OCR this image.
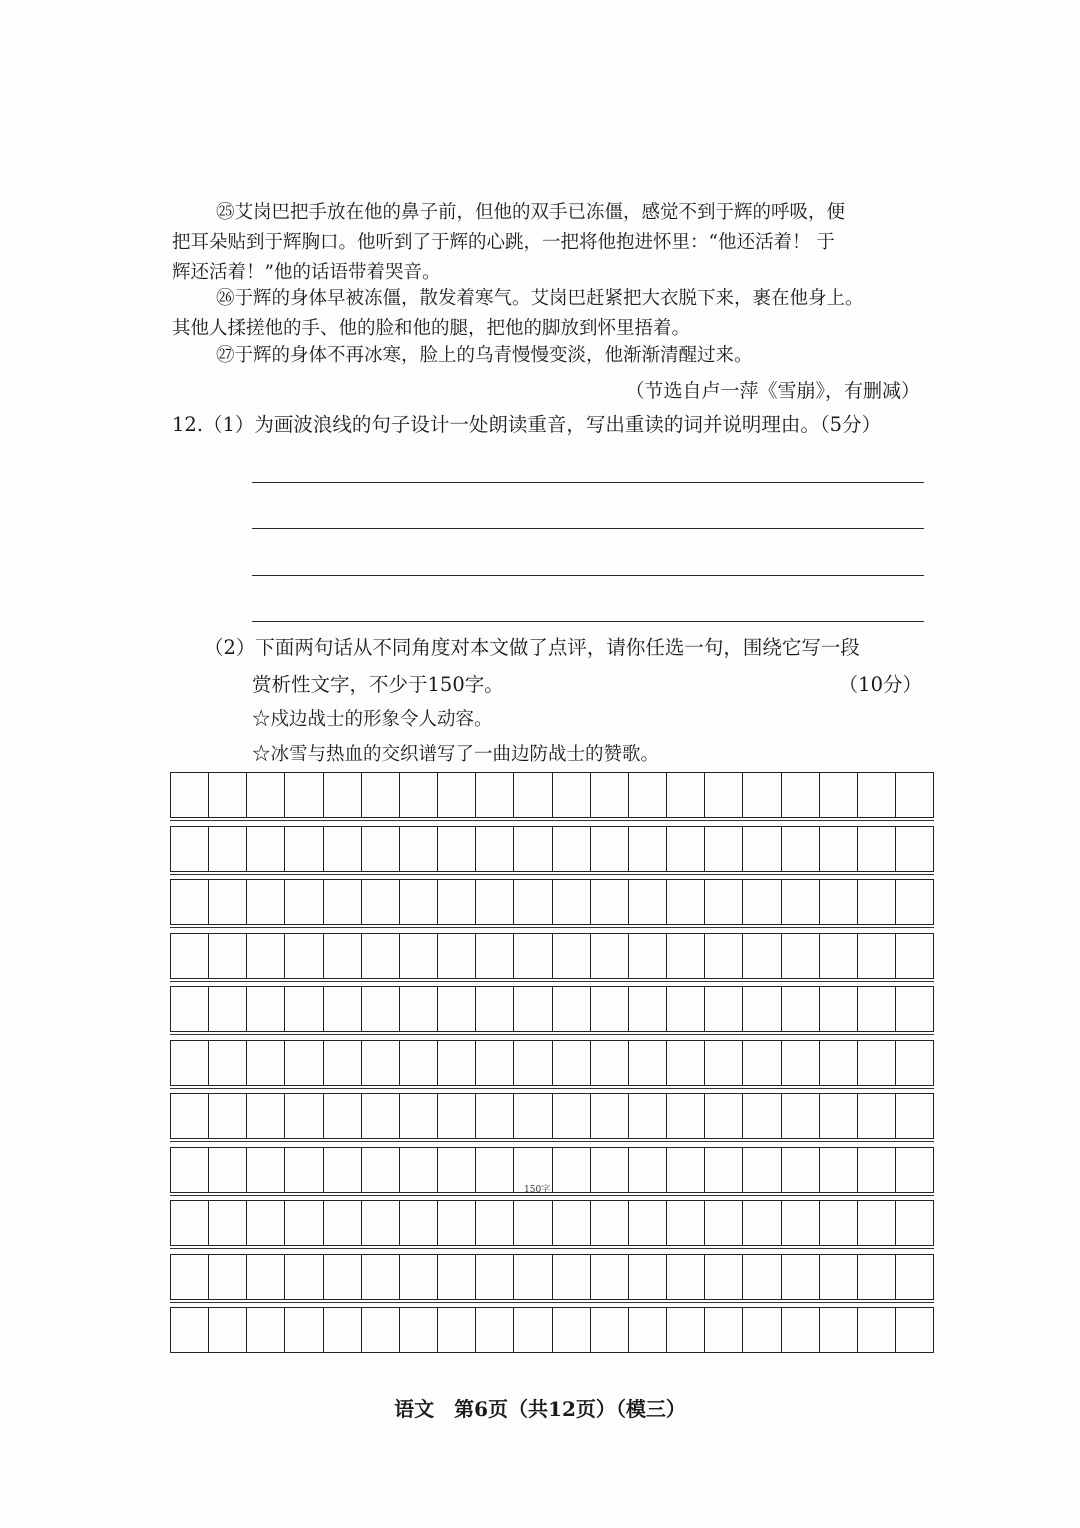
㉕艾岗巴把手放在他的鼻子前，但他的双手已冻僵，感觉不到于辉的呼吸，便
把耳朵贴到于辉胸口。他听到了于辉的心跳，一把将他抱进怀里：“他还活着！ 于
辉还活着！”他的话语带着哭音。
㉖于辉的身体早被冻僵，散发着寒气。艾岗巴赶紧把大衣脱下来，裹在他身上。
其他人揉搓他的手、他的脸和他的腿，把他的脚放到怀里捂着。
㉗于辉的身体不再冰寒，脸上的乌青慢慢变淡，他渐渐清醒过来。
（节选自卢一萍《雪崩》，有删减）
12.（1）为画波浪线的句子设计一处朗读重音，写出重读的词并说明理由。（5分）
（2）下面两句话从不同角度对本文做了点评，请你任选一句，围绕它写一段
赏析性文字，不少于150字。	（10分）
☆戍边战士的形象令人动容。
☆冰雪与热血的交织谱写了一曲边防战士的赞歌。
150字
语文　第6页（共12页）（模三）
